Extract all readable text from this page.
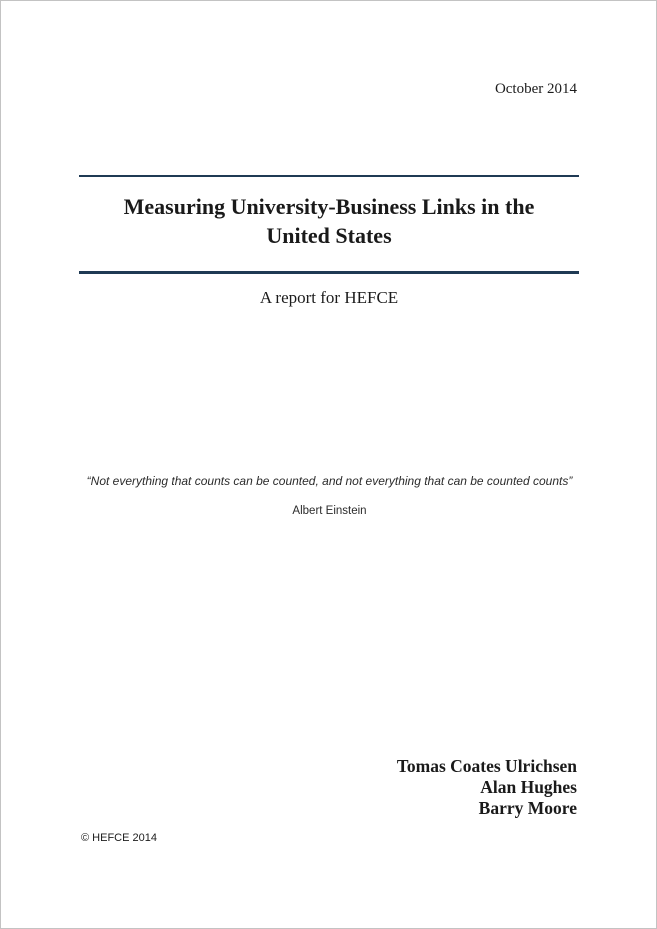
October 2014
Measuring University-Business Links in the
United States
A report for HEFCE
“Not everything that counts can be counted, and not everything that can be counted counts”
Albert Einstein
Tomas Coates Ulrichsen
Alan Hughes
Barry Moore
© HEFCE 2014
